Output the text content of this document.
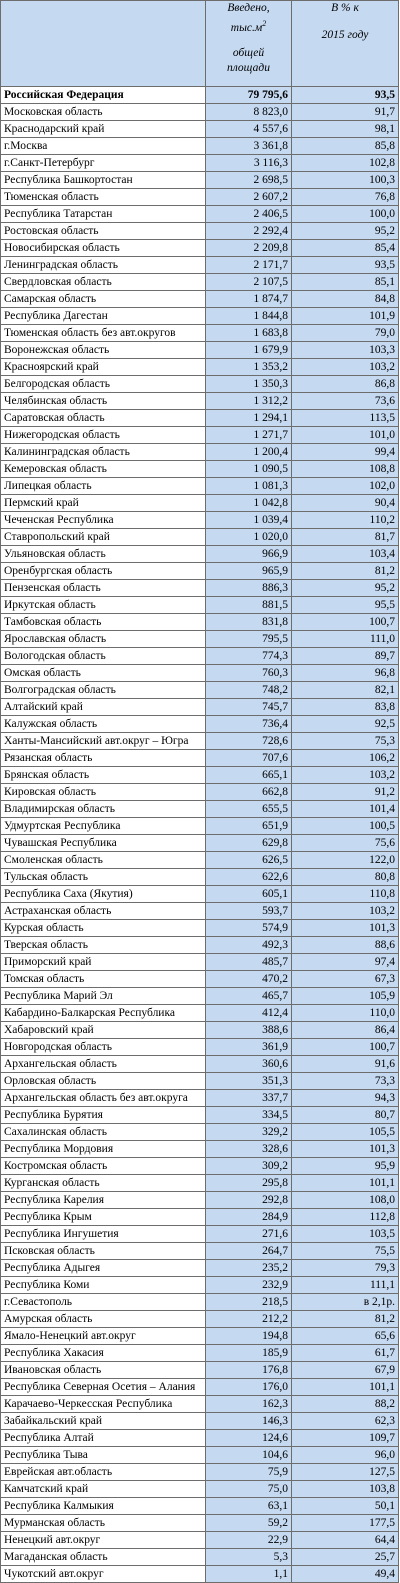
	Введено,
$тыс.м^2$
общей
площади	В % к
2015 году

Российская Федерация	79 795,6	93,5
Московская область	8 823,0	91,7
Краснодарский край	4 557,6	98,1
г.Москва	3 361,8	85,8
г.Санкт-Петербург	3 116,3	102,8
Республика Башкортостан	2 698,5	100,3
Тюменская область	2 607,2	76,8
Республика Татарстан	2 406,5	100,0
Ростовская область	2 292,4	95,2
Новосибирская область	2 209,8	85,4
Ленинградская область	2 171,7	93,5
Свердловская область	2 107,5	85,1
Самарская область	1 874,7	84,8
Республика Дагестан	1 844,8	101,9
Тюменская область без авт.округов	1 683,8	79,0
Воронежская область	1 679,9	103,3
Красноярский край	1 353,2	103,2
Белгородская область	1 350,3	86,8
Челябинская область	1 312,2	73,6
Саратовская область	1 294,1	113,5
Нижегородская область	1 271,7	101,0
Калининградская область	1 200,4	99,4
Кемеровская область	1 090,5	108,8
Липецкая область	1 081,3	102,0
Пермский край	1 042,8	90,4
Чеченская Республика	1 039,4	110,2
Ставропольский край	1 020,0	81,7
Ульяновская область	966,9	103,4
Оренбургская область	965,9	81,2
Пензенская область	886,3	95,2
Иркутская область	881,5	95,5
Тамбовская область	831,8	100,7
Ярославская область	795,5	111,0
Вологодская область	774,3	89,7
Омская область	760,3	96,8
Волгоградская область	748,2	82,1
Алтайский край	745,7	83,8
Калужская область	736,4	92,5
Ханты-Мансийский авт.округ – Югра	728,6	75,3
Рязанская область	707,6	106,2
Брянская область	665,1	103,2
Кировская область	662,8	91,2
Владимирская область	655,5	101,4
Удмуртская Республика	651,9	100,5
Чувашская Республика	629,8	75,6
Смоленская область	626,5	122,0
Тульская область	622,6	80,8
Республика Саха (Якутия)	605,1	110,8
Астраханская область	593,7	103,2
Курская область	574,9	101,3
Тверская область	492,3	88,6
Приморский край	485,7	97,4
Томская область	470,2	67,3
Республика Марий Эл	465,7	105,9
Кабардино-Балкарская Республика	412,4	110,0
Хабаровский край	388,6	86,4
Новгородская область	361,9	100,7
Архангельская область	360,6	91,6
Орловская область	351,3	73,3
Архангельская область без авт.округа	337,7	94,3
Республика Бурятия	334,5	80,7
Сахалинская область	329,2	105,5
Республика Мордовия	328,6	101,3
Костромская область	309,2	95,9
Курганская область	295,8	101,1
Республика Карелия	292,8	108,0
Республика Крым	284,9	112,8
Республика Ингушетия	271,6	103,5
Псковская область	264,7	75,5
Республика Адыгея	235,2	79,3
Республика Коми	232,9	111,1
г.Севастополь	218,5	в 2,1р.
Амурская область	212,2	81,2
Ямало-Ненецкий авт.округ	194,8	65,6
Республика Хакасия	185,9	61,7
Ивановская область	176,8	67,9
Республика Северная Осетия – Алания	176,0	101,1
Карачаево-Черкесская Республика	162,3	88,2
Забайкальский край	146,3	62,3
Республика Алтай	124,6	109,7
Республика Тыва	104,6	96,0
Еврейская авт.область	75,9	127,5
Камчатский край	75,0	103,8
Республика Калмыкия	63,1	50,1
Мурманская область	59,2	177,5
Ненецкий авт.округ	22,9	64,4
Магаданская область	5,3	25,7
Чукотский авт.округ	1,1	49,4
